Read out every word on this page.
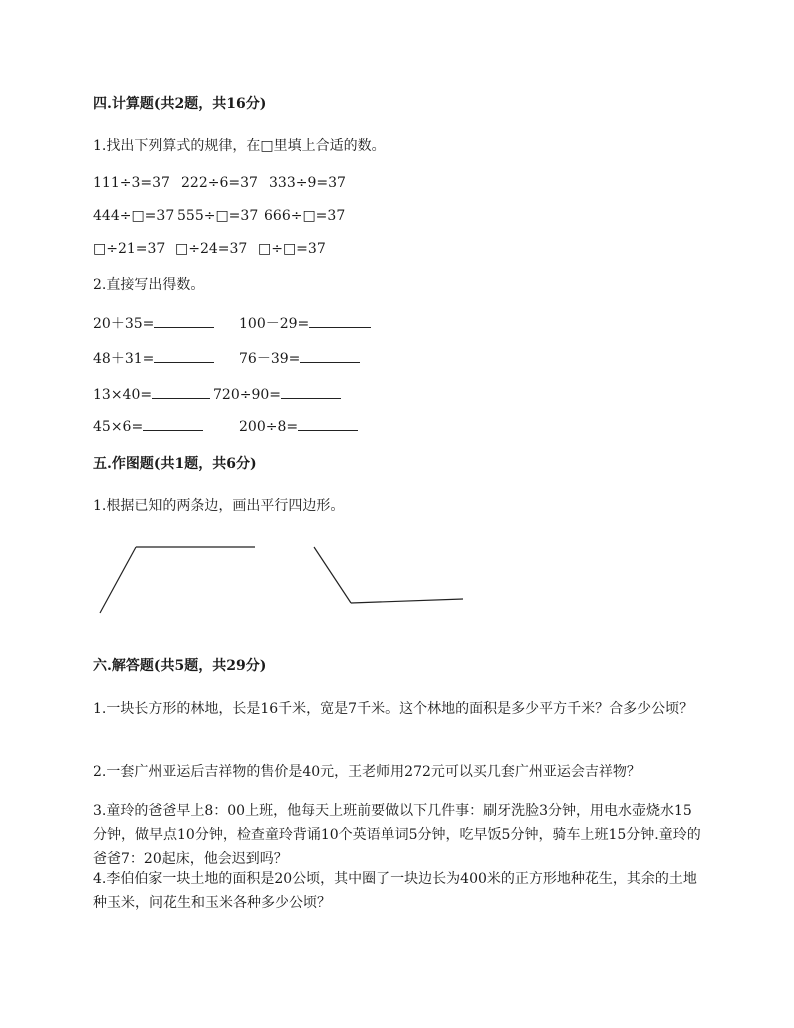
四.计算题(共2题，共16分)
1.找出下列算式的规律，在□里填上合适的数。
111÷3=37 222÷6=37 333÷9=37
444÷□=37 555÷□=37 666÷□=37
□÷21=37 □÷24=37 □÷□=37
2.直接写出得数。
20＋35=	100－29=
48＋31=	76－39=
13×40=	720÷90=
45×6=	200÷8=
五.作图题(共1题，共6分)
1.根据已知的两条边，画出平行四边形。
六.解答题(共5题，共29分)
1.一块长方形的林地，长是16千米，宽是7千米。这个林地的面积是多少平方千米？合多少公顷？
2.一套广州亚运后吉祥物的售价是40元，王老师用272元可以买几套广州亚运会吉祥物？
3.童玲的爸爸早上8：00上班，他每天上班前要做以下几件事：刷牙洗脸3分钟，用电水壶烧水15分钟，做早点10分钟，检查童玲背诵10个英语单词5分钟，吃早饭5分钟，骑车上班15分钟.童玲的爸爸7：20起床，他会迟到吗？
4.李伯伯家一块土地的面积是20公顷，其中圈了一块边长为400米的正方形地种花生，其余的土地种玉米，问花生和玉米各种多少公顷？
